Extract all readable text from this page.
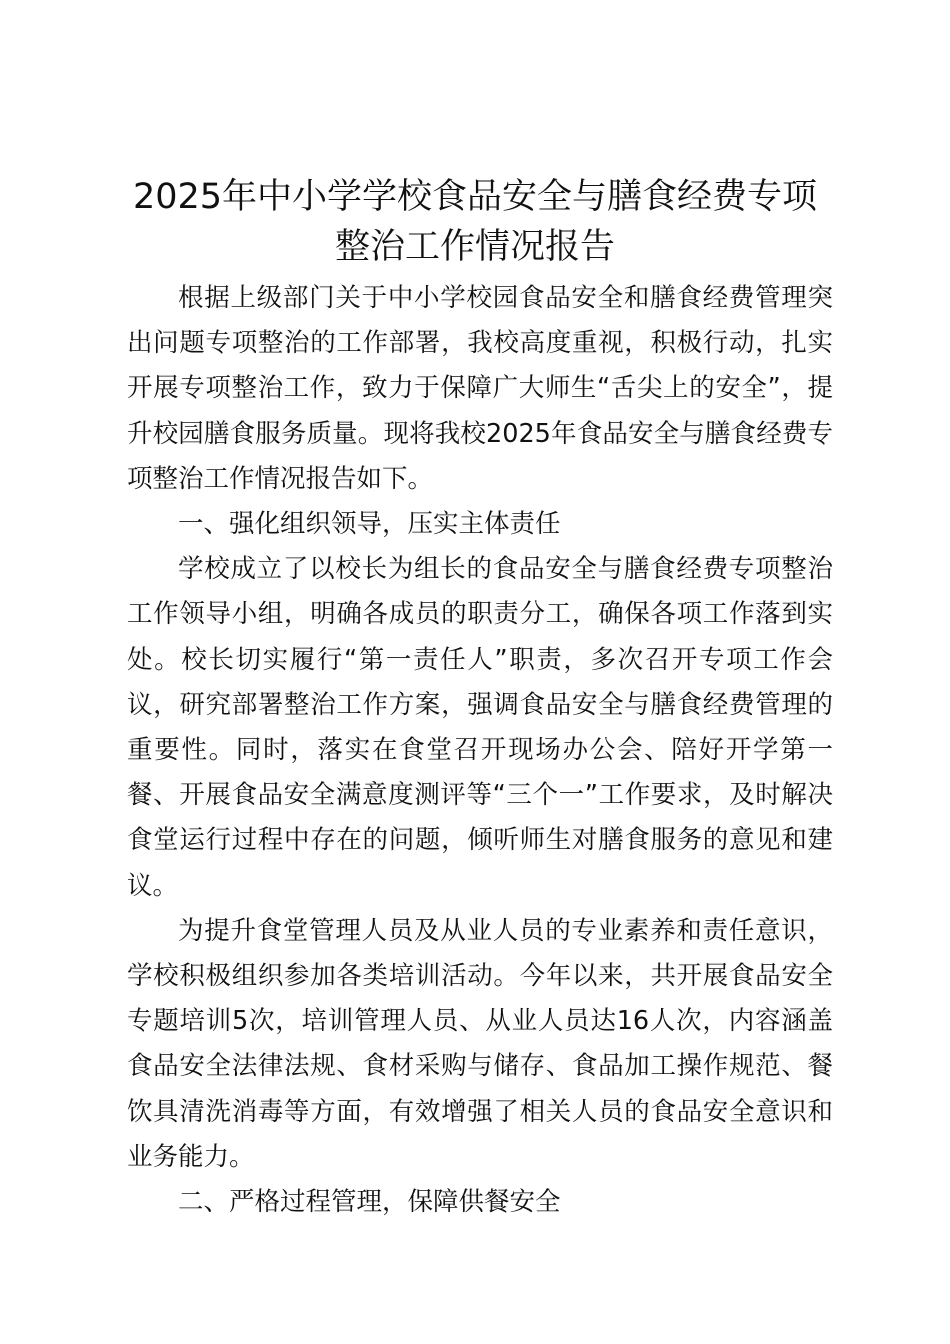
2025年中小学学校食品安全与膳食经费专项
整治工作情况报告

根据上级部门关于中小学校园食品安全和膳食经费管理突出问题专项整治的工作部署，我校高度重视，积极行动，扎实开展专项整治工作，致力于保障广大师生“舌尖上的安全”，提升校园膳食服务质量。现将我校2025年食品安全与膳食经费专项整治工作情况报告如下。

一、强化组织领导，压实主体责任

学校成立了以校长为组长的食品安全与膳食经费专项整治工作领导小组，明确各成员的职责分工，确保各项工作落到实处。校长切实履行“第一责任人”职责，多次召开专项工作会议，研究部署整治工作方案，强调食品安全与膳食经费管理的重要性。同时，落实在食堂召开现场办公会、陪好开学第一餐、开展食品安全满意度测评等“三个一”工作要求，及时解决食堂运行过程中存在的问题，倾听师生对膳食服务的意见和建议。

为提升食堂管理人员及从业人员的专业素养和责任意识，学校积极组织参加各类培训活动。今年以来，共开展食品安全专题培训5次，培训管理人员、从业人员达16人次，内容涵盖食品安全法律法规、食材采购与储存、食品加工操作规范、餐饮具清洗消毒等方面，有效增强了相关人员的食品安全意识和业务能力。

二、严格过程管理，保障供餐安全
